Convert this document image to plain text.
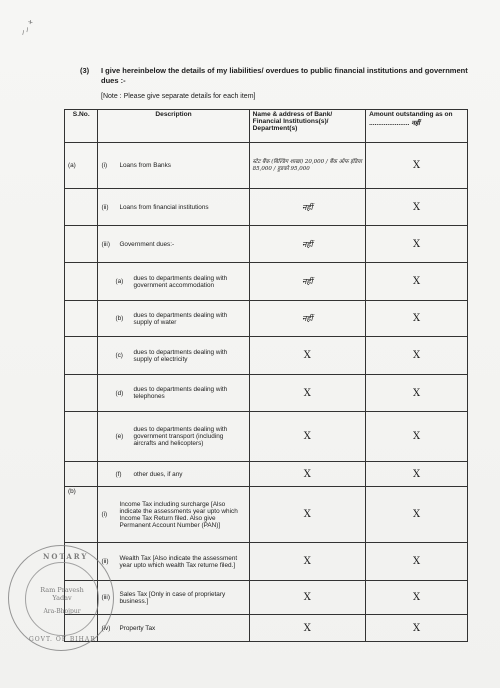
⸝⸝ ˟
(3) I give hereinbelow the details of my liabilities/ overdues to public financial institutions and government dues :-
[Note : Please give separate details for each item]
S.No.	Description	Name & address of Bank/ Financial Institutions(s)/ Department(s)	Amount outstanding as on ...................... नहीं
(a)	(i) Loans from Banks	स्टेट बैंक (बिल्डिंग शाखा) 20,000 / बैंक ऑफ इंडिया 85,000 / हुडको 95,000	X

	(ii) Loans from financial institutions	नहीं	X

	(iii) Government dues:-	नहीं	X

	(a) dues to departments dealing with government accommodation	नहीं	X

	(b) dues to departments dealing with supply of water	नहीं	X

	(c) dues to departments dealing with supply of electricity	X	X

	(d) dues to departments dealing with telephones	X	X

	(e)
dues to departments dealing with government transport (including aircrafts and helicopters)	X	X

	(f) other dues, if any	X	X
(b)	(i)
Income Tax including surcharge [Also indicate the assessments year upto which Income Tax Return filed. Also give Permanent Account Number (PAN)]	X	X

	(ii) Wealth Tax [Also indicate the assessment year upto which wealth Tax returne filed.]	X	X

	(iii) Sales Tax [Only in case of proprietary business.]	X	X

	(iv) Property Tax	X	X
NOTARY
Ram Pravesh Yadav
Ara-Bhojpur
GOVT. OF BIHAR
